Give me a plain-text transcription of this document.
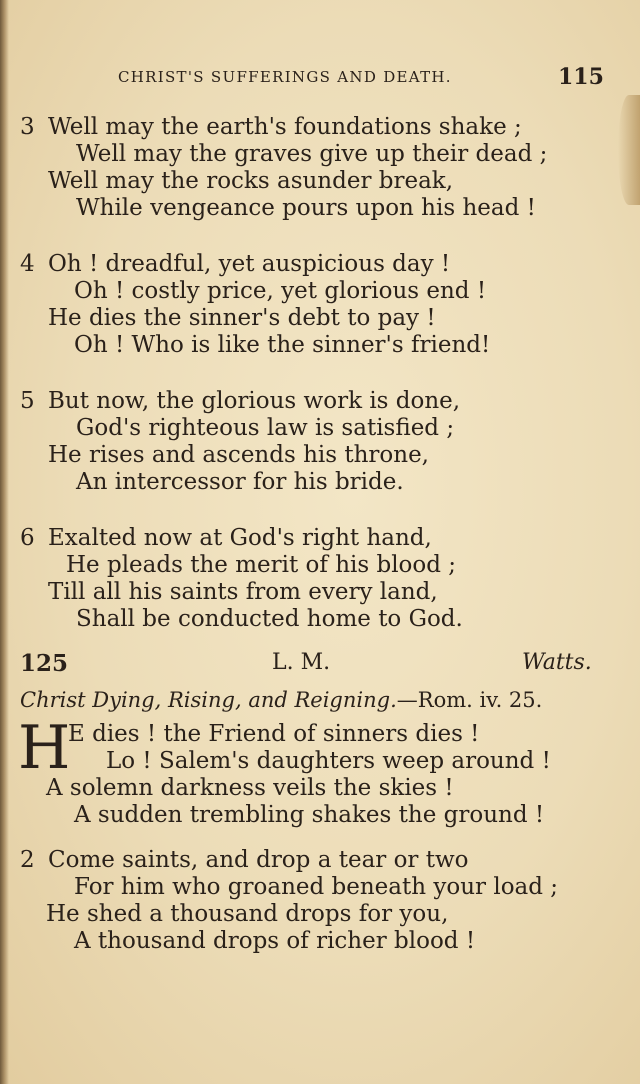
CHRIST'S SUFFERINGS AND DEATH.	115
3 Well may the earth's foundations shake ;
Well may the graves give up their dead ;
Well may the rocks asunder break,
While vengeance pours upon his head !
4 Oh ! dreadful, yet auspicious day !
Oh ! costly price, yet glorious end !
He dies the sinner's debt to pay !
Oh ! Who is like the sinner's friend!
5 But now, the glorious work is done,
God's righteous law is satisfied ;
He rises and ascends his throne,
An intercessor for his bride.
6 Exalted now at God's right hand,
He pleads the merit of his blood ;
Till all his saints from every land,
Shall be conducted home to God.
125	L. M.	Watts.
Christ Dying, Rising, and Reigning.—Rom. iv. 25.
H
E dies ! the Friend of sinners dies !
Lo ! Salem's daughters weep around !
A solemn darkness veils the skies !
A sudden trembling shakes the ground !
2 Come saints, and drop a tear or two
For him who groaned beneath your load ;
He shed a thousand drops for you,
A thousand drops of richer blood !
